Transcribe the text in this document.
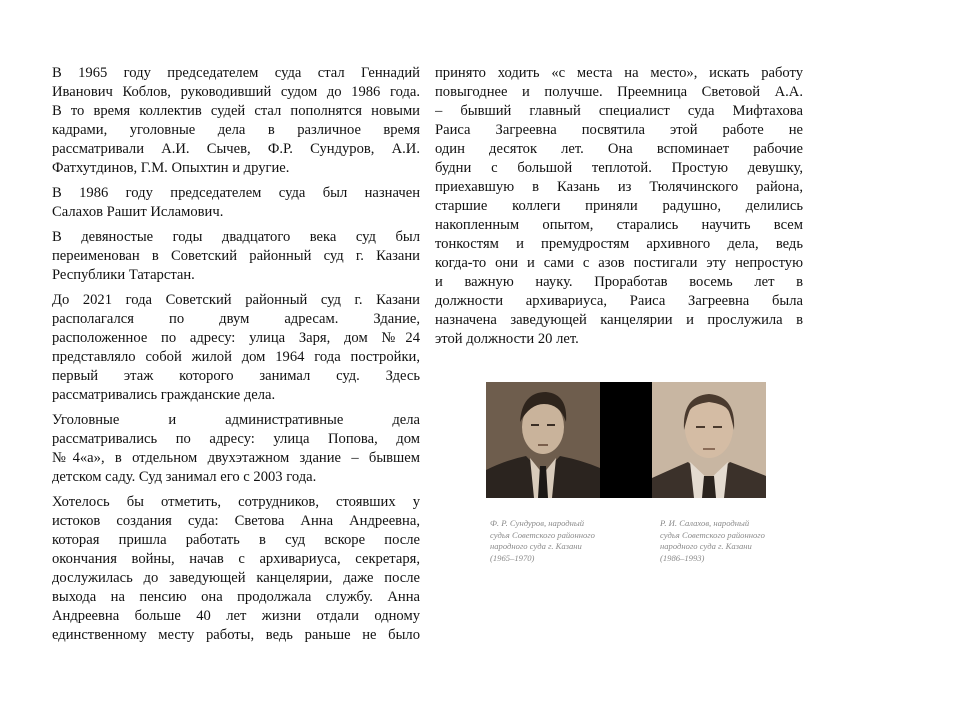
В 1965 году председателем суда стал Геннадий
Иванович Коблов, руководивший судом до 1986 года.
В то время коллектив судей стал пополнятся новыми
кадрами, уголовные дела в различное время
рассматривали А.И. Сычев, Ф.Р. Сундуров, А.И.
Фатхутдинов, Г.М. Опыхтин и другие.
В 1986 году председателем суда был назначен
Салахов Рашит Исламович.
В девяностые годы двадцатого века суд был
переименован в Советский районный суд г. Казани
Республики Татарстан.
До 2021 года Советский районный суд г. Казани
располагался по двум адресам. Здание,
расположенное по адресу: улица Заря, дом №24
представляло собой жилой дом 1964 года постройки,
первый этаж которого занимал суд. Здесь
рассматривались гражданские дела.
Уголовные и административные дела
рассматривались по адресу: улица Попова, дом
№4«а», в отдельном двухэтажном здание – бывшем
детском саду. Суд занимал его с 2003 года.
Хотелось бы отметить, сотрудников, стоявших у
истоков создания суда: Светова Анна Андреевна,
которая пришла работать в суд вскоре после
окончания войны, начав с архивариуса, секретаря,
дослужилась до заведующей канцелярии, даже после
выхода на пенсию она продолжала службу. Анна
Андреевна больше 40 лет жизни отдали одному
единственному месту работы, ведь раньше не было
принято ходить «с места на место», искать работу
повыгоднее и получше. Преемница Световой А.А.
– бывший главный специалист суда Мифтахова
Раиса Загреевна посвятила этой работе не
один десяток лет. Она вспоминает рабочие
будни с большой теплотой. Простую девушку,
приехавшую в Казань из Тюлячинского района,
старшие коллеги приняли радушно, делились
накопленным опытом, старались научить всем
тонкостям и премудростям архивного дела, ведь
когда-то они и сами с азов постигали эту непростую
и важную науку. Проработав восемь лет в
должности архивариуса, Раиса Загреевна была
назначена заведующей канцелярии и прослужила в
этой должности 20 лет.
Ф. Р. Сундуров, народный
судья Советского районного
народного суда г. Казани
(1965–1970)
Р. И. Салахов, народный
судья Советского районного
народного суда г. Казани
(1986–1993)
